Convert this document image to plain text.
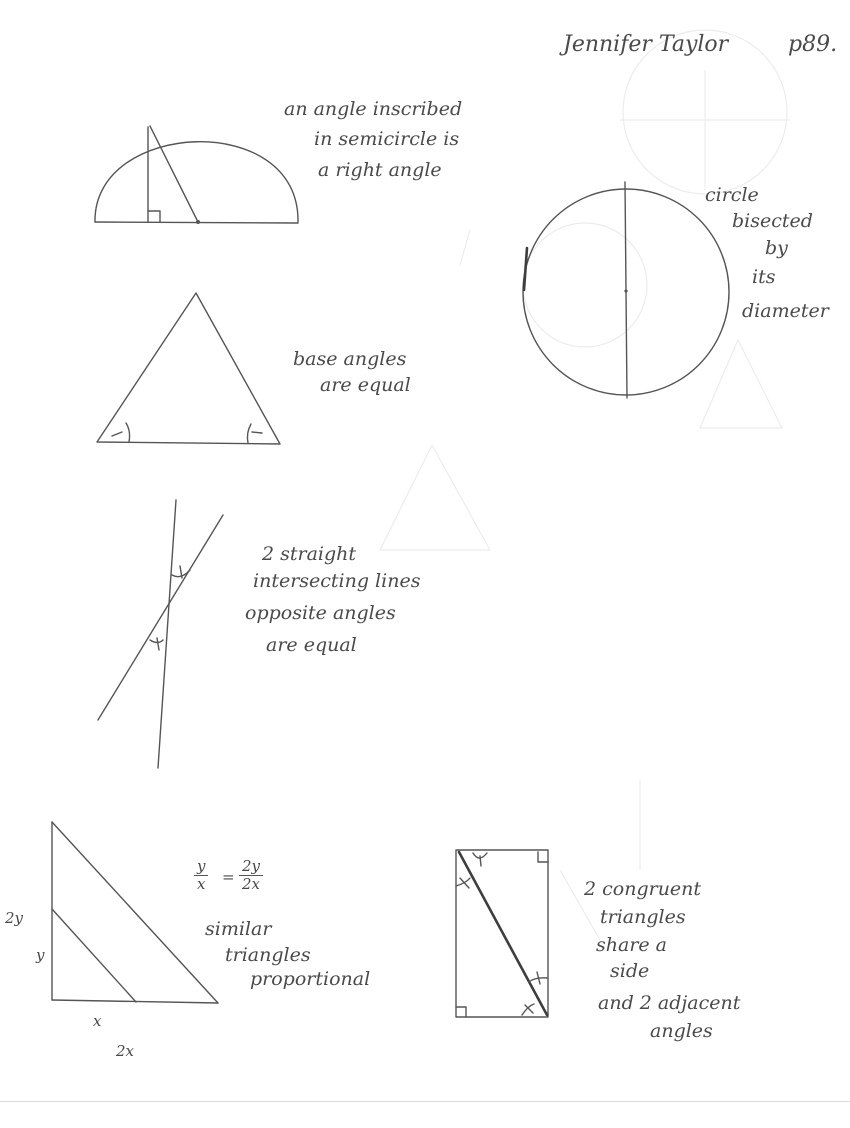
Jennifer Taylor	p89.
an angle inscribed
in semicircle is
a right angle
circle
bisected
by
its
diameter
base angles
are equal
2 straight
intersecting lines
opposite angles
are equal
2y
y
x
2x
$\frac{y}{x} = \frac{2y}{2x}$
similar
triangles
proportional
2 congruent
triangles
share a
side
and 2 adjacent
angles
